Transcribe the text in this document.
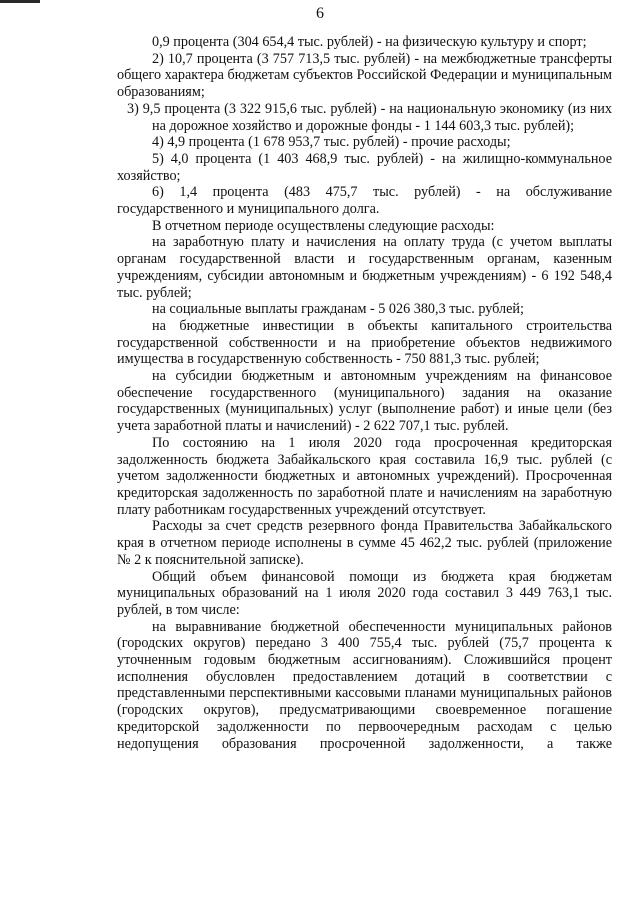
6

0,9 процента (304 654,4 тыс. рублей) - на физическую культуру и спорт;

2) 10,7 процента (3 757 713,5 тыс. рублей) - на межбюджетные трансферты общего характера бюджетам субъектов Российской Федерации и муниципальным образованиям;

3) 9,5 процента (3 322 915,6 тыс. рублей) - на национальную экономику (из них на дорожное хозяйство и дорожные фонды - 1 144 603,3 тыс. рублей);

4) 4,9 процента (1 678 953,7 тыс. рублей) - прочие расходы;

5) 4,0 процента (1 403 468,9 тыс. рублей) - на жилищно-коммунальное хозяйство;

6) 1,4 процента (483 475,7 тыс. рублей) - на обслуживание государственного и муниципального долга.

В отчетном периоде осуществлены следующие расходы:

на заработную плату и начисления на оплату труда (с учетом выплаты органам государственной власти и государственным органам, казенным учреждениям, субсидии автономным и бюджетным учреждениям) - 6 192 548,4 тыс. рублей;

на социальные выплаты гражданам - 5 026 380,3 тыс. рублей;

на бюджетные инвестиции в объекты капитального строительства государственной собственности и на приобретение объектов недвижимого имущества в государственную собственность - 750 881,3 тыс. рублей;

на субсидии бюджетным и автономным учреждениям на финансовое обеспечение государственного (муниципального) задания на оказание государственных (муниципальных) услуг (выполнение работ) и иные цели (без учета заработной платы и начислений) - 2 622 707,1 тыс. рублей.

По состоянию на 1 июля 2020 года просроченная кредиторская задолженность бюджета Забайкальского края составила 16,9 тыс. рублей (с учетом задолженности бюджетных и автономных учреждений). Просроченная кредиторская задолженность по заработной плате и начислениям на заработную плату работникам государственных учреждений отсутствует.

Расходы за счет средств резервного фонда Правительства Забайкальского края в отчетном периоде исполнены в сумме 45 462,2 тыс. рублей (приложение № 2 к пояснительной записке).

Общий объем финансовой помощи из бюджета края бюджетам муниципальных образований на 1 июля 2020 года составил 3 449 763,1 тыс. рублей, в том числе:

на выравнивание бюджетной обеспеченности муниципальных районов (городских округов) передано 3 400 755,4 тыс. рублей (75,7 процента к уточненным годовым бюджетным ассигнованиям). Сложившийся процент исполнения обусловлен предоставлением дотаций в соответствии с представленными перспективными кассовыми планами муниципальных районов (городских округов), предусматривающими своевременное погашение кредиторской задолженности по первоочередным расходам с целью недопущения образования просроченной задолженности, а также
